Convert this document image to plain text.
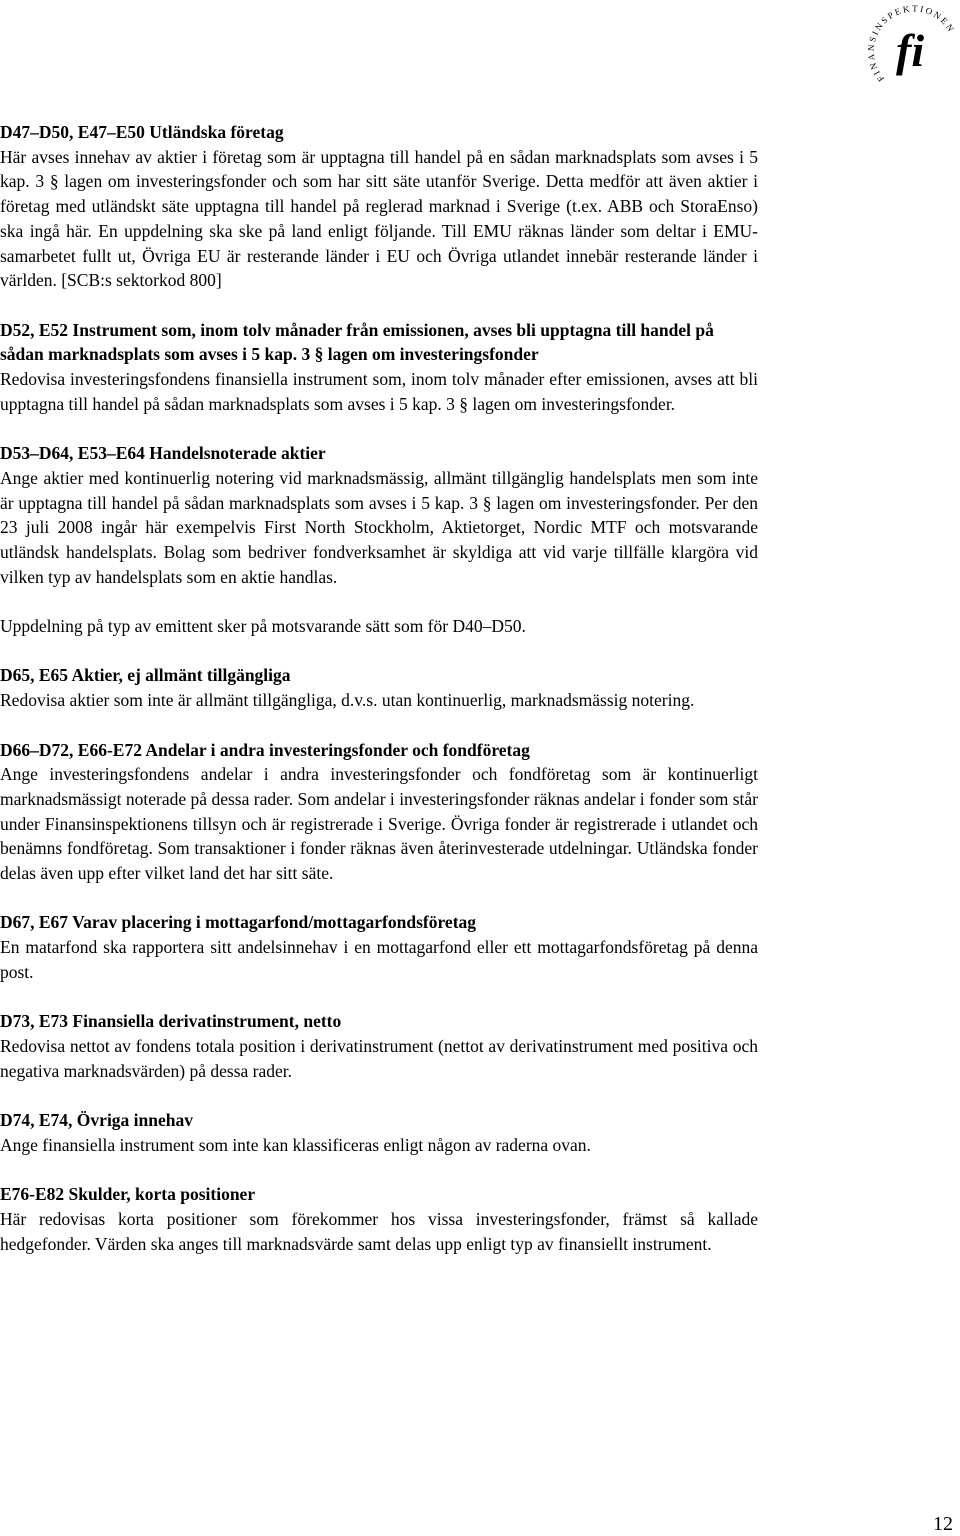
FINANSINSPEKTIONEN
fi

D47–D50, E47–E50 Utländska företag

Här avses innehav av aktier i företag som är upptagna till handel på en sådan marknadsplats som avses i 5 kap. 3 § lagen om investeringsfonder och som har sitt säte utanför Sverige. Detta medför att även aktier i företag med utländskt säte upptagna till handel på reglerad marknad i Sverige (t.ex. ABB och StoraEnso) ska ingå här. En uppdelning ska ske på land enligt följande. Till EMU räknas länder som deltar i EMU-samarbetet fullt ut, Övriga EU är resterande länder i EU och Övriga utlandet innebär resterande länder i världen. [SCB:s sektorkod 800]

D52, E52 Instrument som, inom tolv månader från emissionen, avses bli upptagna till handel på sådan marknadsplats som avses i 5 kap. 3 § lagen om investeringsfonder

Redovisa investeringsfondens finansiella instrument som, inom tolv månader efter emissionen, avses att bli upptagna till handel på sådan marknadsplats som avses i 5 kap. 3 § lagen om investeringsfonder.

D53–D64, E53–E64 Handelsnoterade aktier

Ange aktier med kontinuerlig notering vid marknadsmässig, allmänt tillgänglig handelsplats men som inte är upptagna till handel på sådan marknadsplats som avses i 5 kap. 3 § lagen om investeringsfonder. Per den 23 juli 2008 ingår här exempelvis First North Stockholm, Aktietorget, Nordic MTF och motsvarande utländsk handelsplats. Bolag som bedriver fondverksamhet är skyldiga att vid varje tillfälle klargöra vid vilken typ av handelsplats som en aktie handlas.

Uppdelning på typ av emittent sker på motsvarande sätt som för D40–D50.

D65, E65 Aktier, ej allmänt tillgängliga

Redovisa aktier som inte är allmänt tillgängliga, d.v.s. utan kontinuerlig, marknadsmässig notering.

D66–D72, E66-E72 Andelar i andra investeringsfonder och fondföretag

Ange investeringsfondens andelar i andra investeringsfonder och fondföretag som är kontinuerligt marknadsmässigt noterade på dessa rader. Som andelar i investeringsfonder räknas andelar i fonder som står under Finansinspektionens tillsyn och är registrerade i Sverige. Övriga fonder är registrerade i utlandet och benämns fondföretag. Som transaktioner i fonder räknas även återinvesterade utdelningar. Utländska fonder delas även upp efter vilket land det har sitt säte.

D67, E67 Varav placering i mottagarfond/mottagarfondsföretag

En matarfond ska rapportera sitt andelsinnehav i en mottagarfond eller ett mottagarfondsföretag på denna post.

D73, E73 Finansiella derivatinstrument, netto

Redovisa nettot av fondens totala position i derivatinstrument (nettot av derivatinstrument med positiva och negativa marknadsvärden) på dessa rader.

D74, E74, Övriga innehav

Ange finansiella instrument som inte kan klassificeras enligt någon av raderna ovan.

E76-E82 Skulder, korta positioner

Här redovisas korta positioner som förekommer hos vissa investeringsfonder, främst så kallade hedgefonder. Värden ska anges till marknadsvärde samt delas upp enligt typ av finansiellt instrument.

12
